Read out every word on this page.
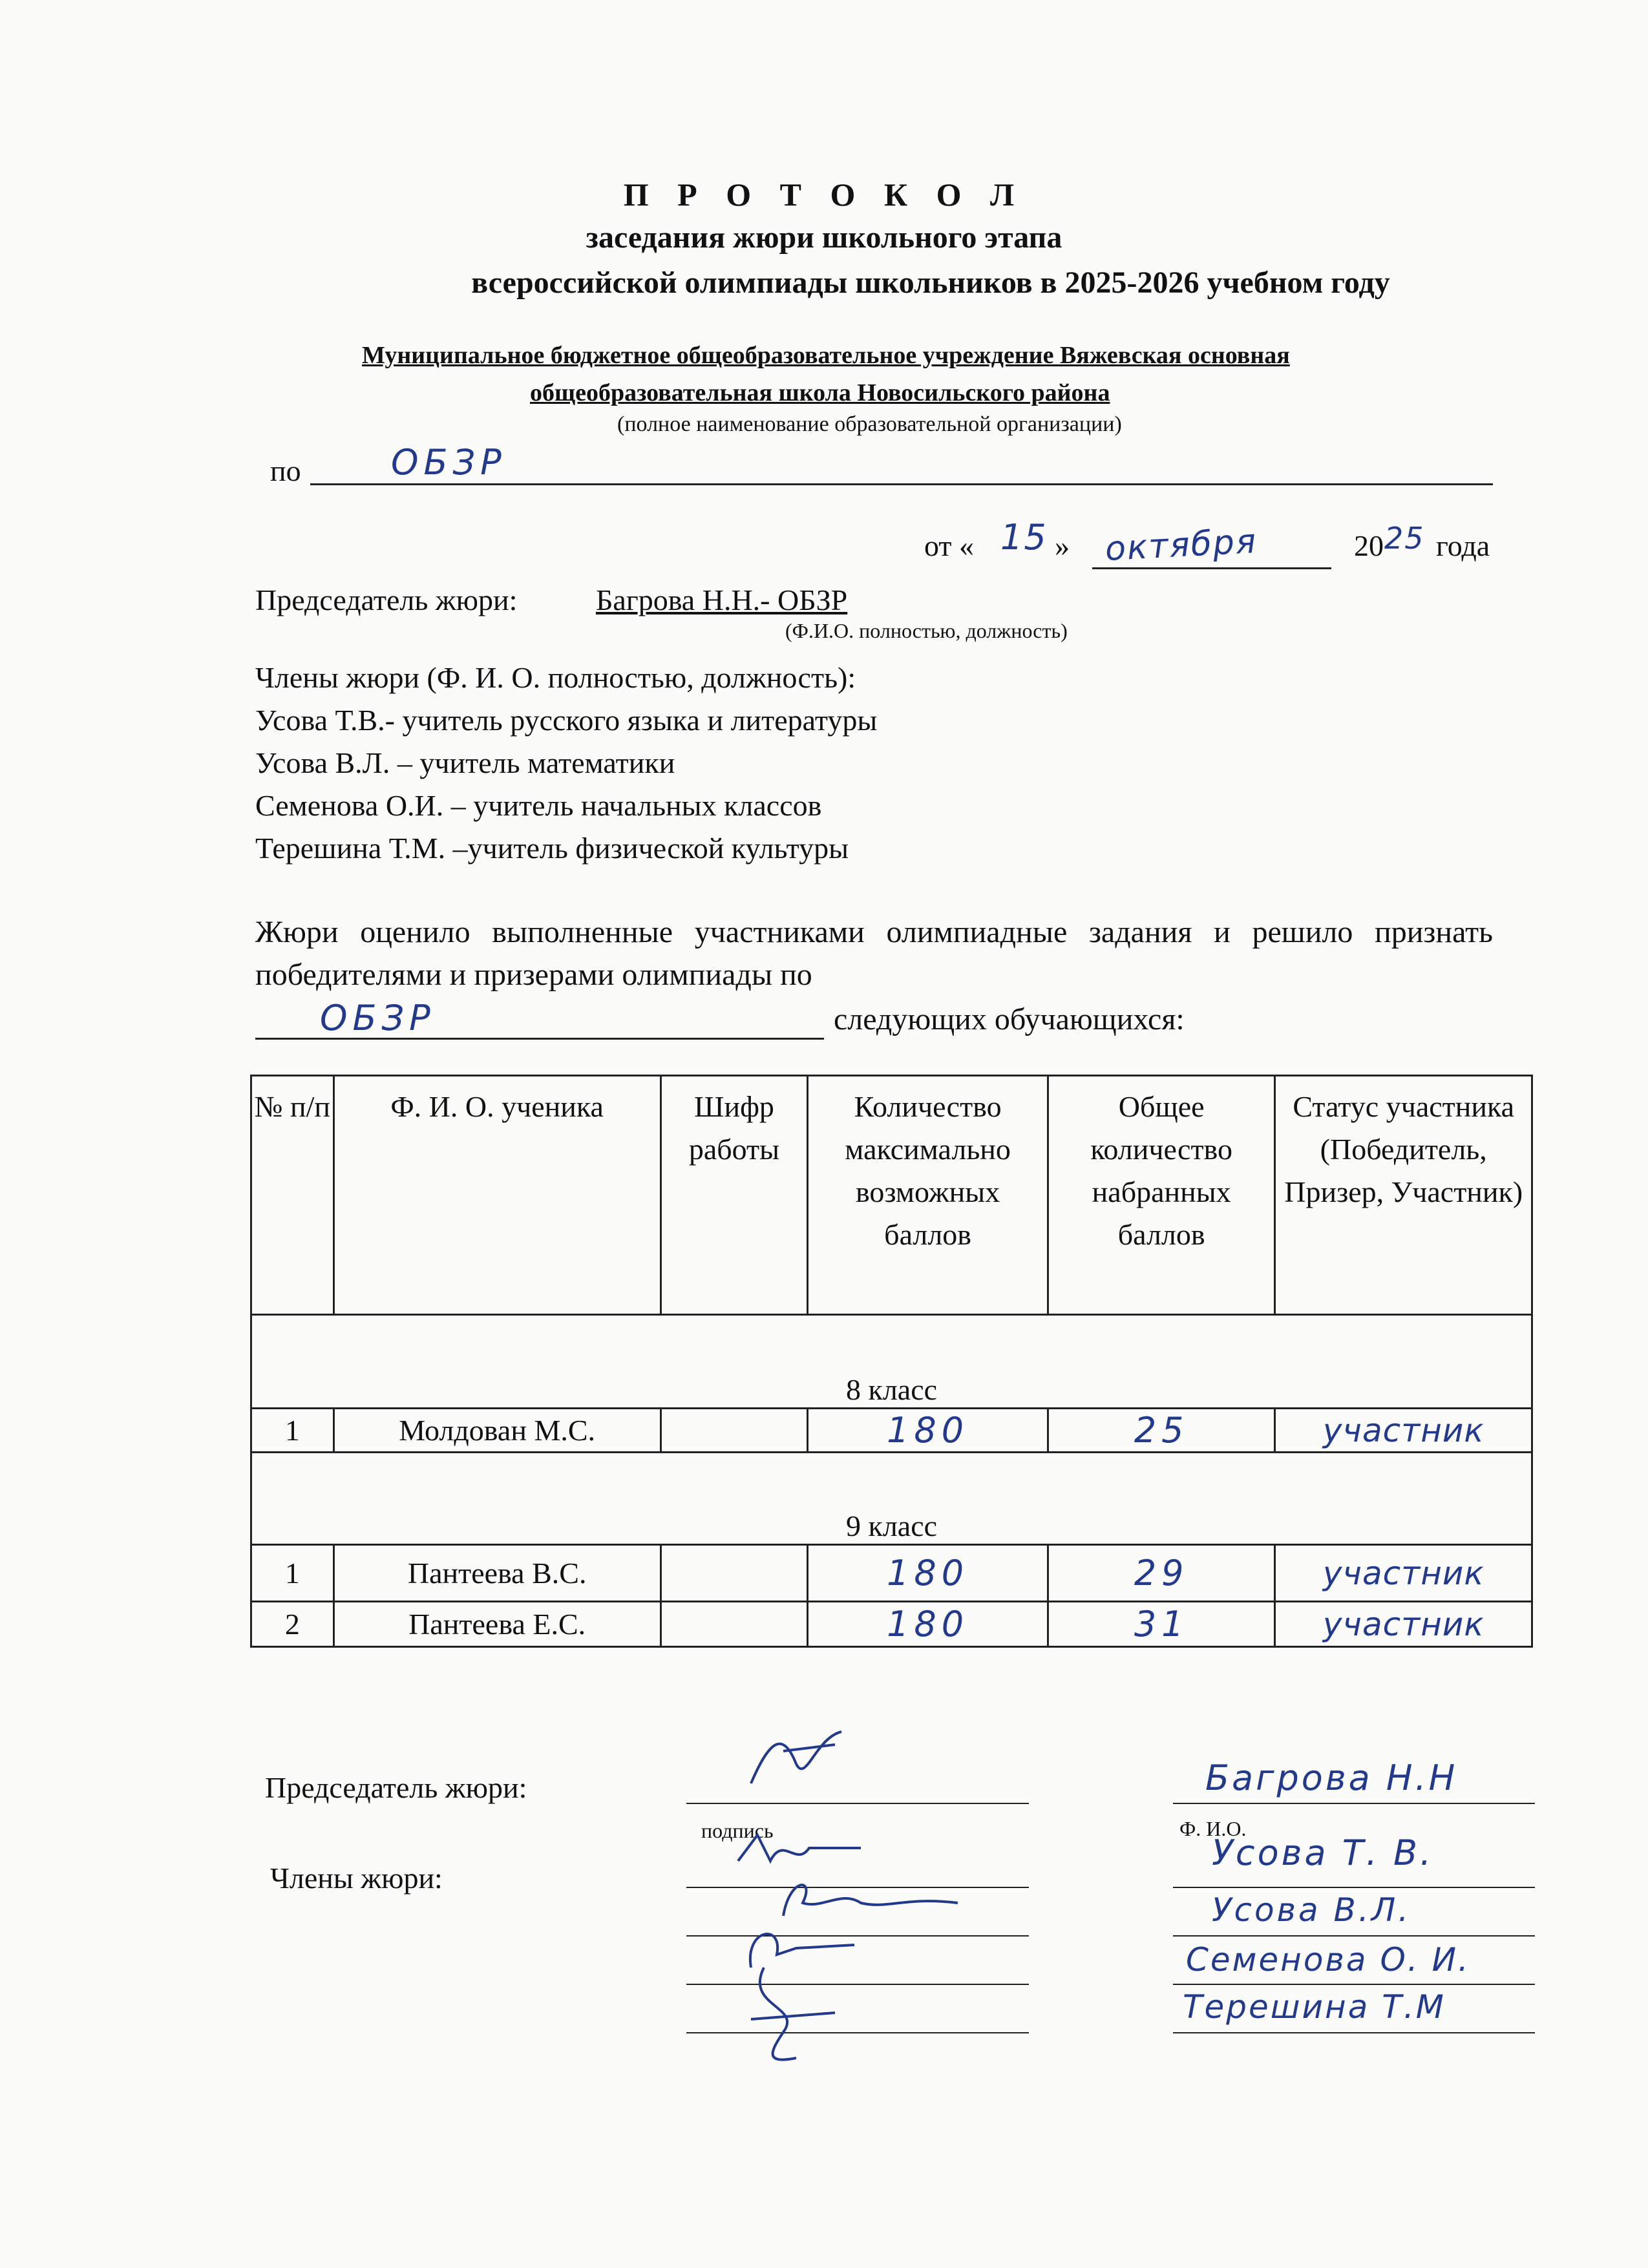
П Р О Т О К О Л
заседания жюри школьного этапа
всероссийской олимпиады школьников в 2025-2026 учебном году
Муниципальное бюджетное общеобразовательное учреждение Вяжевская основная
общеобразовательная школа Новосильского района
(полное наименование образовательной организации)
по	ОБЗР
от « 15 » октября	20 25 года
Председатель жюри:	Багрова Н.Н.- ОБЗР
(Ф.И.О. полностью, должность)
Члены жюри (Ф. И. О. полностью, должность):
Усова Т.В.- учитель русского языка и литературы
Усова В.Л. – учитель математики
Семенова О.И. – учитель начальных классов
Терешина Т.М. –учитель физической культуры
Жюри оценило выполненные участниками олимпиадные задания и решило признать победителями и призерами олимпиады по
ОБЗР	следующих обучающихся:
№ п/п	Ф. И. О. ученика	Шифр работы	Количество максимально возможных баллов	Общее количество набранных баллов	Статус участника (Победитель, Призер, Участник)
8 класс					
1	Молдован М.С.		180	25	участник
9 класс					
1	Пантеева В.С.		180	29	участник
2	Пантеева Е.С.		180	31	участник
Председатель жюри:
Члены жюри:
подпись
Багрова Н.Н
Ф. И.О.
Усова Т. В.
Усова В.Л.
Семенова О. И.
Терешина Т.М
